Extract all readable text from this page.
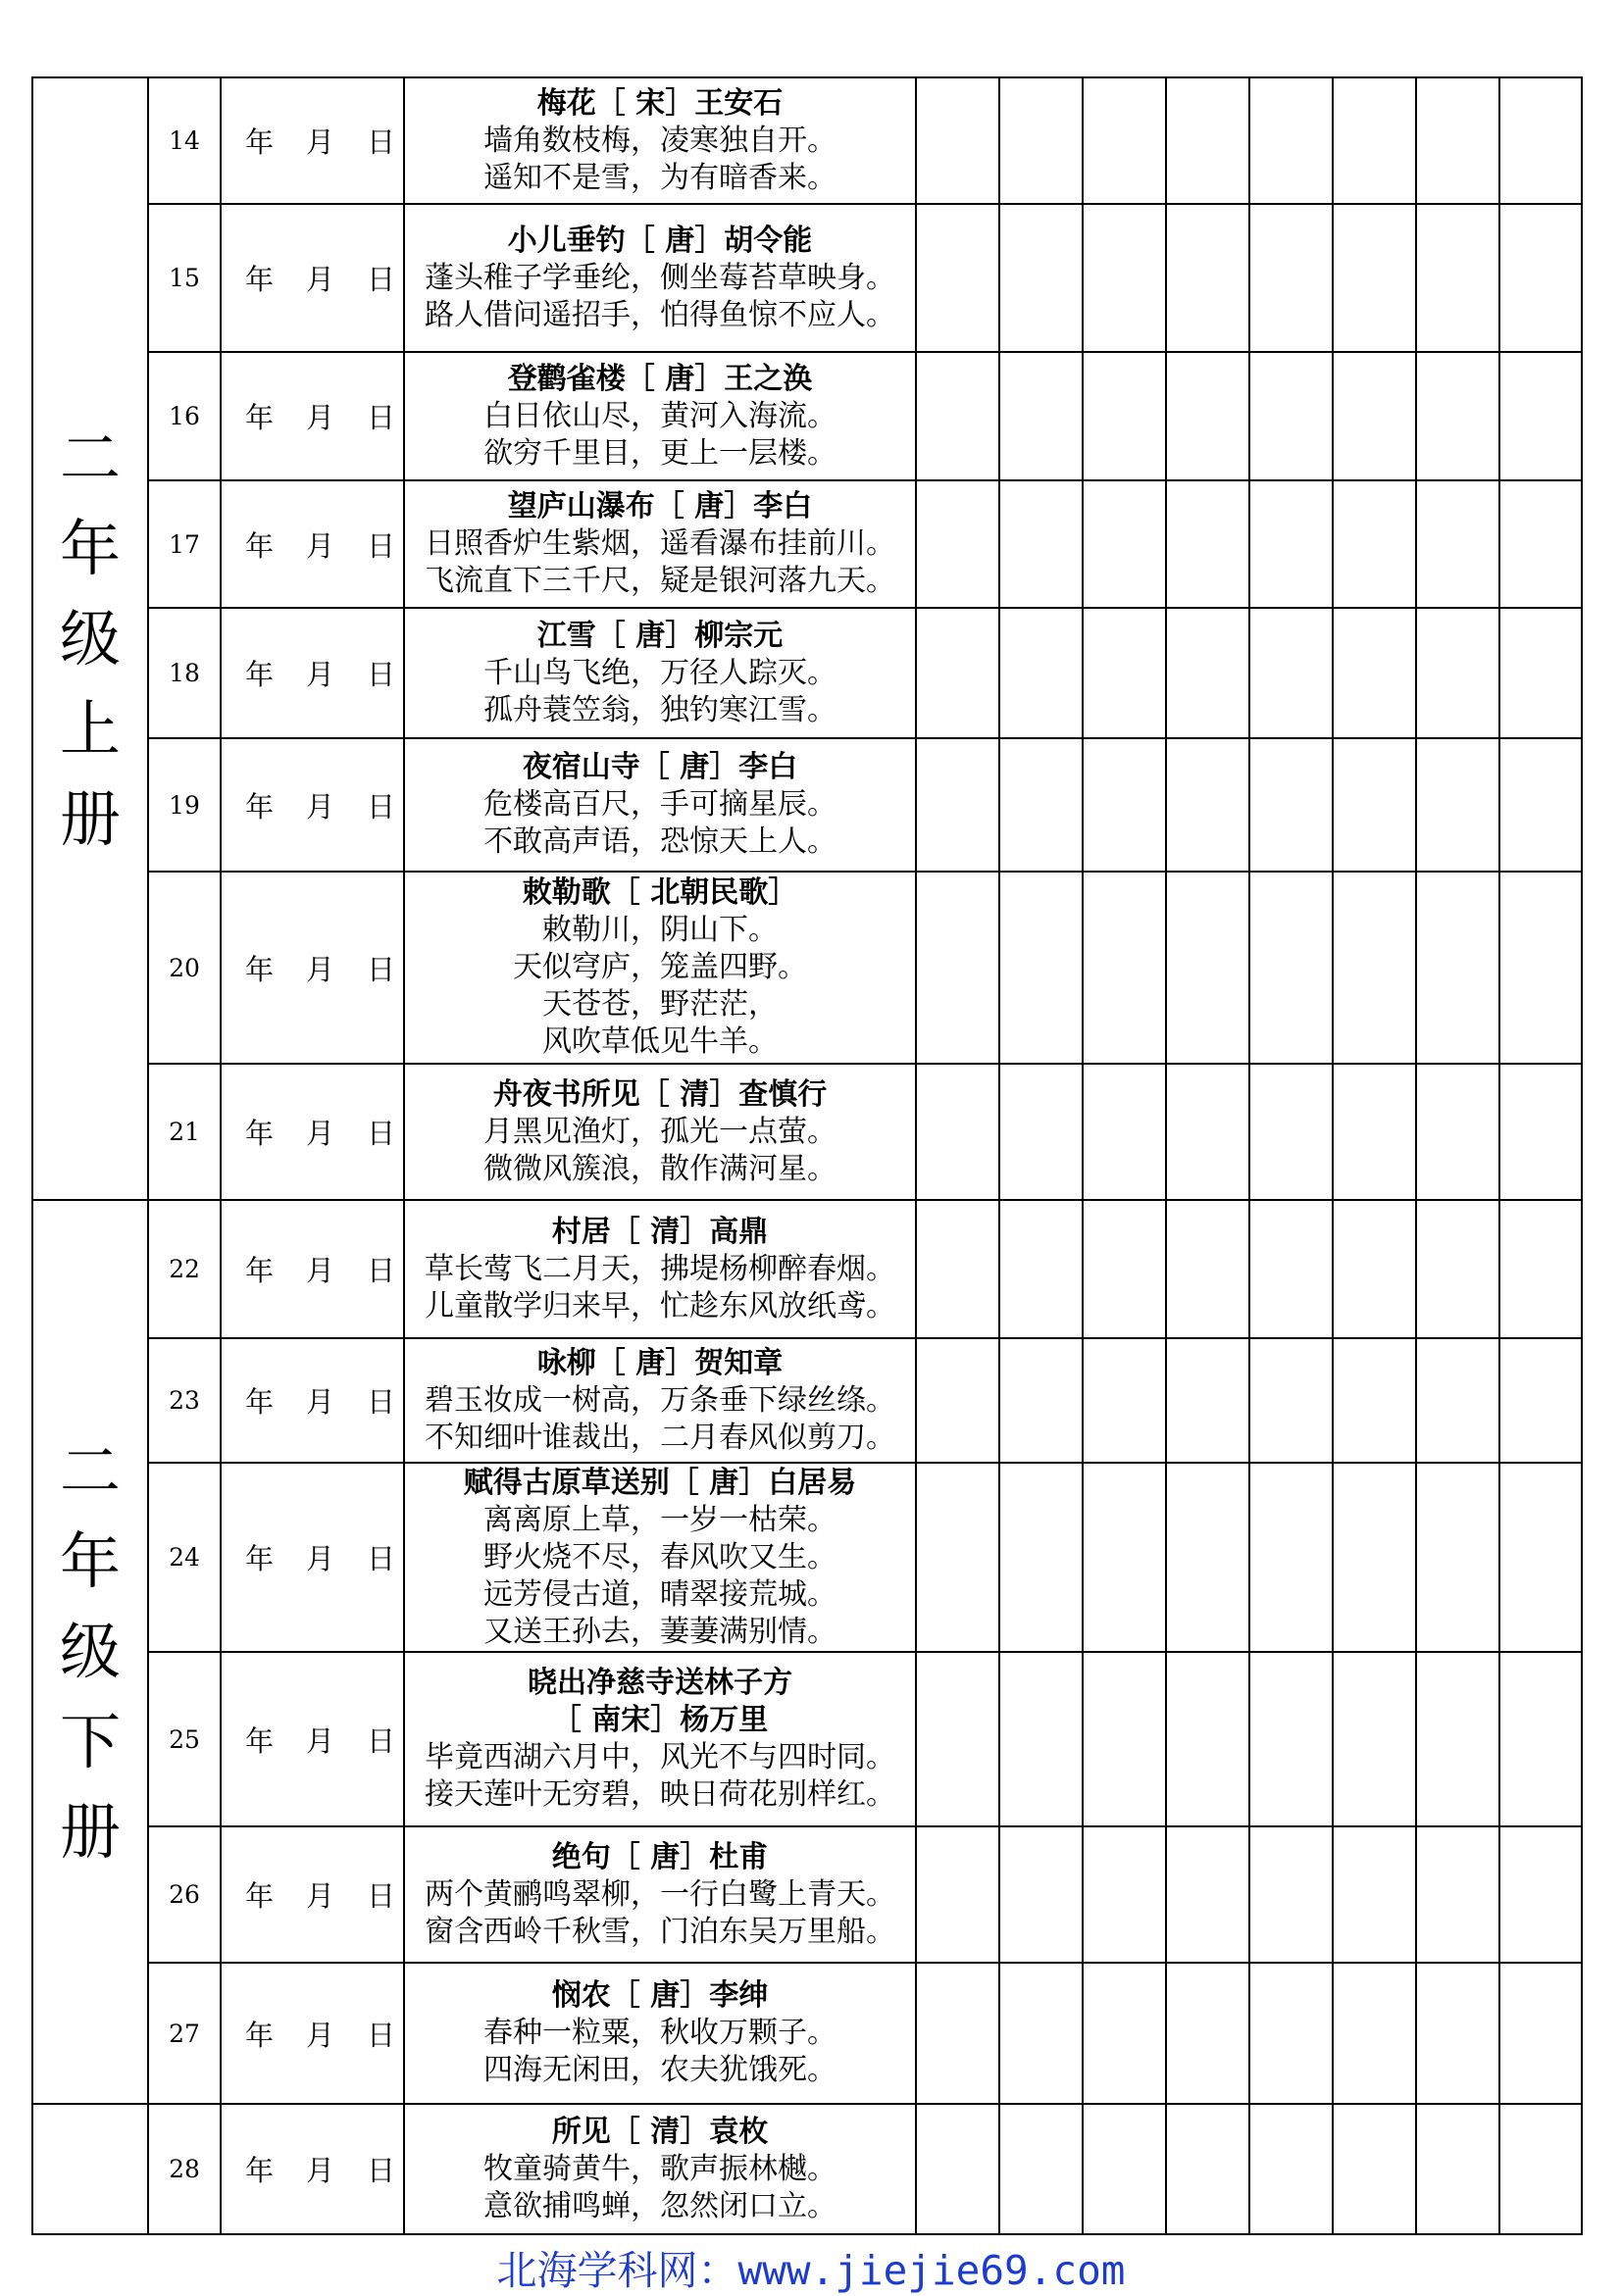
二
年
级
上
册	14	年 月 日	梅花［ 宋］王安石
墙角数枝梅，凌寒独自开。
遥知不是雪，为有暗香来。								

	15	年 月 日	小儿垂钓［ 唐］胡令能
蓬头稚子学垂纶，侧坐莓苔草映身。
路人借问遥招手，怕得鱼惊不应人。								

	16	年 月 日	登鹳雀楼［ 唐］王之涣
白日依山尽，黄河入海流。
欲穷千里目，更上一层楼。								

	17	年 月 日	望庐山瀑布［ 唐］李白
日照香炉生紫烟，遥看瀑布挂前川。
飞流直下三千尺，疑是银河落九天。								

	18	年 月 日	江雪［ 唐］柳宗元
千山鸟飞绝，万径人踪灭。
孤舟蓑笠翁，独钓寒江雪。								

	19	年 月 日	夜宿山寺［ 唐］李白
危楼高百尺，手可摘星辰。
不敢高声语，恐惊天上人。								

	20	年 月 日	敕勒歌［ 北朝民歌］
敕勒川，阴山下。
天似穹庐，笼盖四野。
天苍苍，野茫茫，
风吹草低见牛羊。								

	21	年 月 日	舟夜书所见［ 清］查慎行
月黑见渔灯，孤光一点萤。
微微风簇浪，散作满河星。								

二
年
级
下
册	22	年 月 日	村居［ 清］高鼎
草长莺飞二月天，拂堤杨柳醉春烟。
儿童散学归来早，忙趁东风放纸鸢。								

	23	年 月 日	咏柳［ 唐］贺知章
碧玉妆成一树高，万条垂下绿丝绦。
不知细叶谁裁出，二月春风似剪刀。								

	24	年 月 日	赋得古原草送别［ 唐］白居易
离离原上草，一岁一枯荣。
野火烧不尽，春风吹又生。
远芳侵古道，晴翠接荒城。
又送王孙去，萋萋满别情。								

	25	年 月 日	晓出净慈寺送林子方
［ 南宋］杨万里
毕竟西湖六月中，风光不与四时同。
接天莲叶无穷碧，映日荷花别样红。								

	26	年 月 日	绝句［ 唐］杜甫
两个黄鹂鸣翠柳，一行白鹭上青天。
窗含西岭千秋雪，门泊东吴万里船。								

	27	年 月 日	悯农［ 唐］李绅
春种一粒粟，秋收万颗子。
四海无闲田，农夫犹饿死。								

	28	年 月 日	所见［ 清］袁枚
牧童骑黄牛，歌声振林樾。
意欲捕鸣蝉，忽然闭口立。								

北海学科网：www.jiejie69.com
